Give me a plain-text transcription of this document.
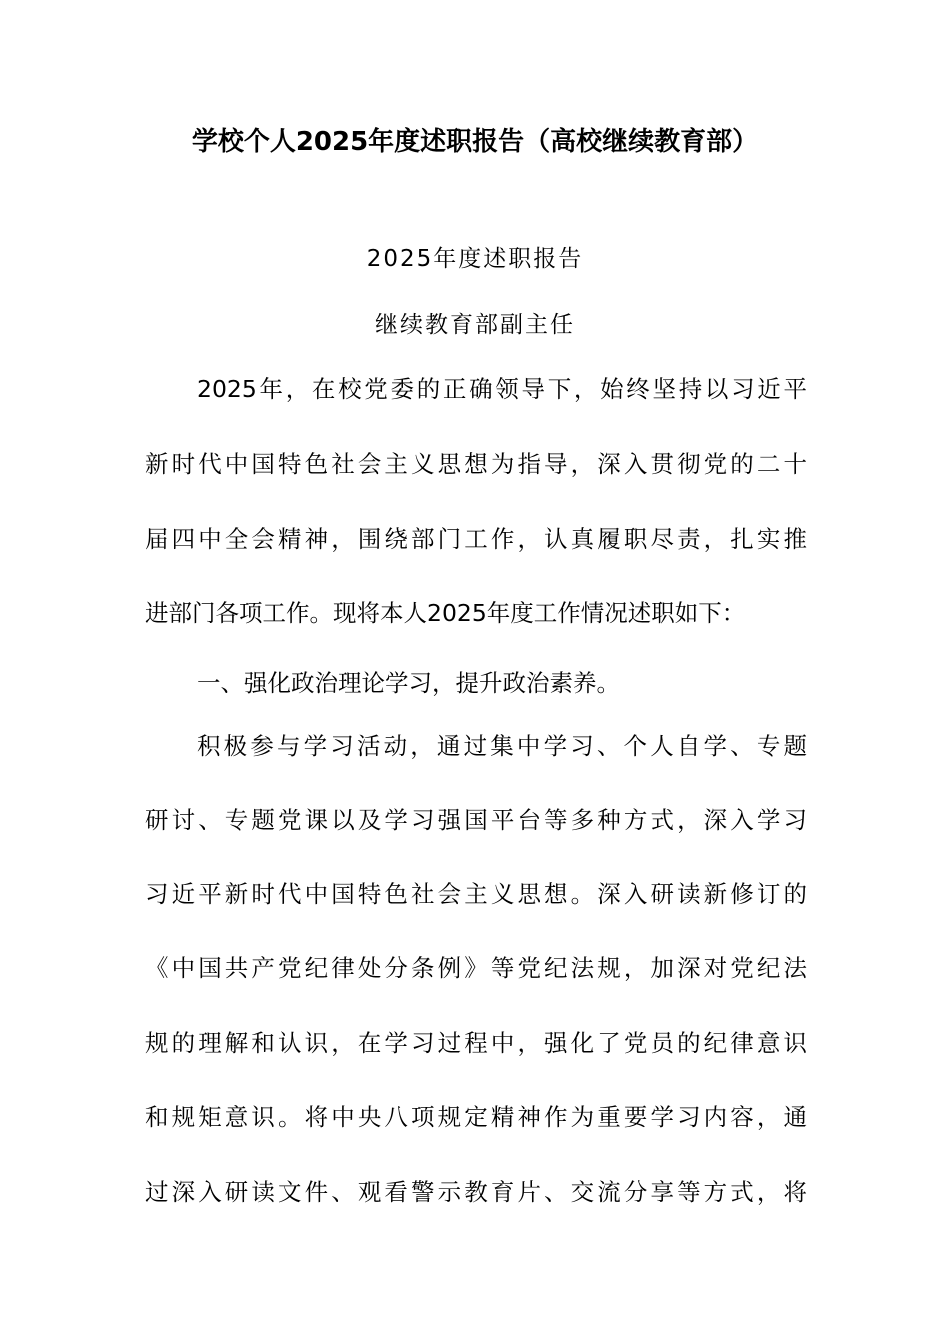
学校个人2025年度述职报告（高校继续教育部）
2025年度述职报告
继续教育部副主任
2025年，在校党委的正确领导下，始终坚持以习近平
新时代中国特色社会主义思想为指导，深入贯彻党的二十
届四中全会精神，围绕部门工作，认真履职尽责，扎实推
进部门各项工作。现将本人2025年度工作情况述职如下：
一、强化政治理论学习，提升政治素养。
积极参与学习活动，通过集中学习、个人自学、专题
研讨、专题党课以及学习强国平台等多种方式，深入学习
习近平新时代中国特色社会主义思想。深入研读新修订的
《中国共产党纪律处分条例》等党纪法规，加深对党纪法
规的理解和认识，在学习过程中，强化了党员的纪律意识
和规矩意识。将中央八项规定精神作为重要学习内容，通
过深入研读文件、观看警示教育片、交流分享等方式，将
